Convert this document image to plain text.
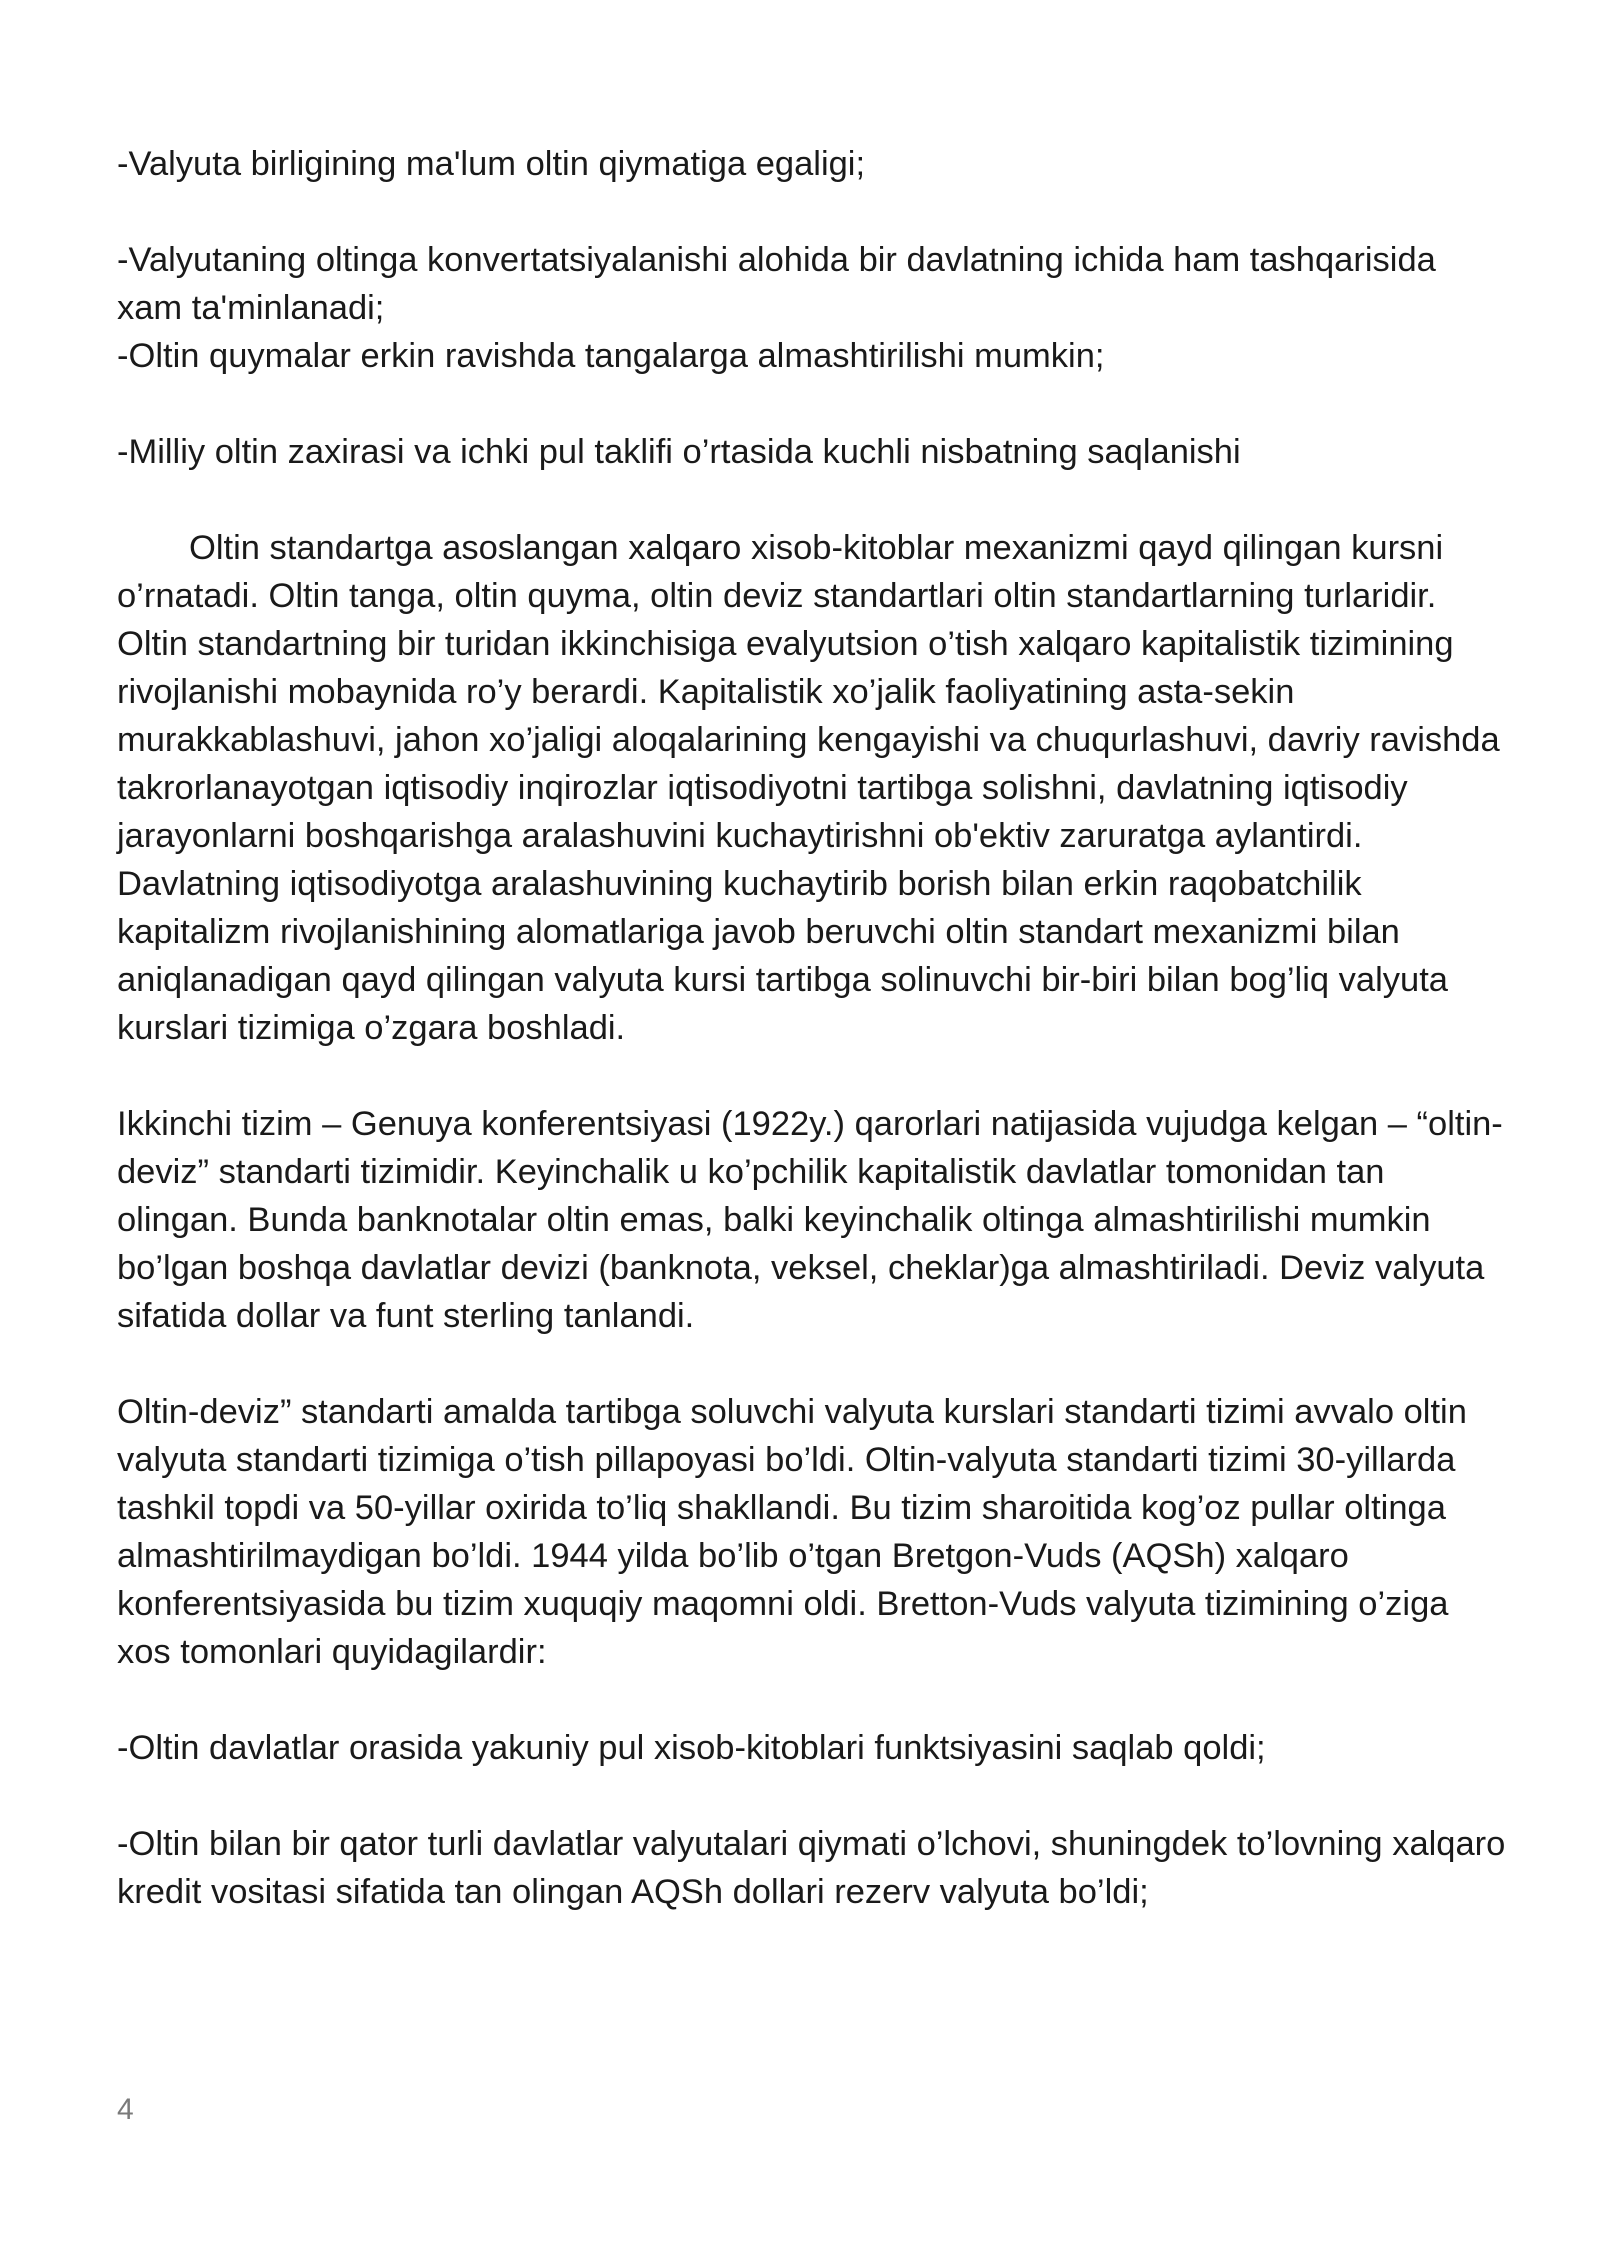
-Valyuta birligining ma'lum oltin qiymatiga egaligi;

-Valyutaning oltinga konvertatsiyalanishi alohida bir davlatning ichida ham tashqarisida xam ta'minlanadi;

-Oltin quymalar erkin ravishda tangalarga almashtirilishi mumkin;

-Milliy oltin zaxirasi va ichki pul taklifi o’rtasida kuchli nisbatning saqlanishi

Oltin standartga asoslangan xalqaro xisob-kitoblar mexanizmi qayd qilingan kursni o’rnatadi. Oltin tanga, oltin quyma, oltin deviz standartlari oltin standartlarning turlaridir. Oltin standartning bir turidan ikkinchisiga evalyutsion o’tish xalqaro kapitalistik tizimining rivojlanishi mobaynida ro’y berardi. Kapitalistik xo’jalik faoliyatining asta-sekin murakkablashuvi, jahon xo’jaligi aloqalarining kengayishi va chuqurlashuvi, davriy ravishda takrorlanayotgan iqtisodiy inqirozlar iqtisodiyotni tartibga solishni, davlatning iqtisodiy jarayonlarni boshqarishga aralashuvini kuchaytirishni ob'ektiv zaruratga aylantirdi. Davlatning iqtisodiyotga aralashuvining kuchaytirib borish bilan erkin raqobatchilik kapitalizm rivojlanishining alomatlariga javob beruvchi oltin standart mexanizmi bilan aniqlanadigan qayd qilingan valyuta kursi tartibga solinuvchi bir-biri bilan bog’liq valyuta kurslari tizimiga o’zgara boshladi.

Ikkinchi tizim – Genuya konferentsiyasi (1922y.) qarorlari natijasida vujudga kelgan – “oltin-deviz” standarti tizimidir. Keyinchalik u ko’pchilik kapitalistik davlatlar tomonidan tan olingan. Bunda banknotalar oltin emas, balki keyinchalik oltinga almashtirilishi mumkin bo’lgan boshqa davlatlar devizi (banknota, veksel, cheklar)ga almashtiriladi. Deviz valyuta sifatida dollar va funt sterling tanlandi.

Oltin-deviz” standarti amalda tartibga soluvchi valyuta kurslari standarti tizimi avvalo oltin valyuta standarti tizimiga o’tish pillapoyasi bo’ldi. Oltin-valyuta standarti tizimi 30-yillarda tashkil topdi va 50-yillar oxirida to’liq shakllandi. Bu tizim sharoitida kog’oz pullar oltinga almashtirilmaydigan bo’ldi. 1944 yilda bo’lib o’tgan Bretgon-Vuds (AQSh) xalqaro konferentsiyasida bu tizim xuquqiy maqomni oldi. Bretton-Vuds valyuta tizimining o’ziga xos tomonlari quyidagilardir:

-Oltin davlatlar orasida yakuniy pul xisob-kitoblari funktsiyasini saqlab qoldi;

-Oltin bilan bir qator turli davlatlar valyutalari qiymati o’lchovi, shuningdek to’lovning xalqaro kredit vositasi sifatida tan olingan AQSh dollari rezerv valyuta bo’ldi;

4
